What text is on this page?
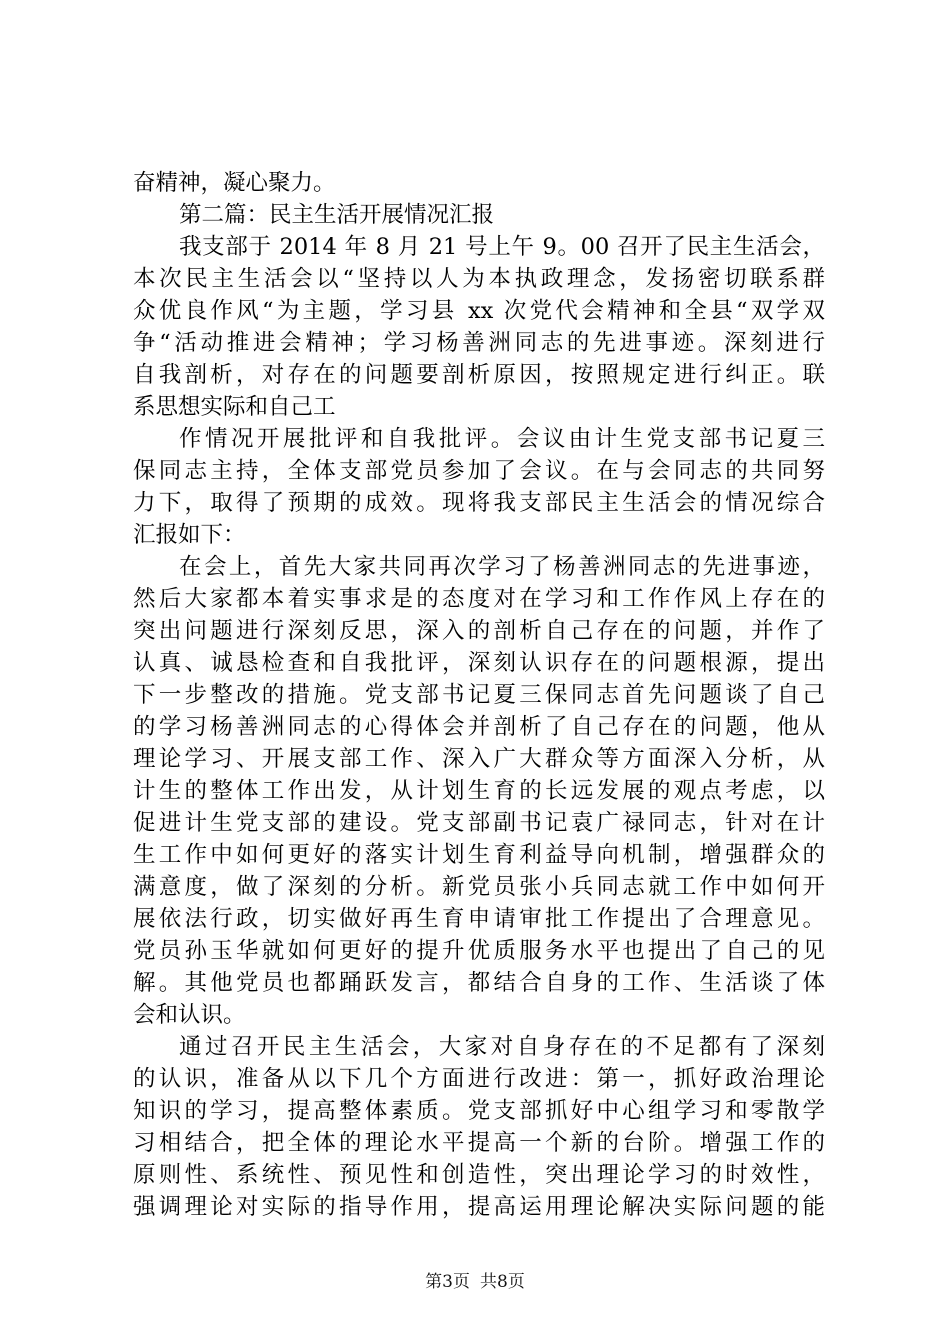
奋精神，凝心聚力。
第二篇：民主生活开展情况汇报
我支部于 2014 年 8 月 21 号上午 9。00 召开了民主生活会，
本次民主生活会以“坚持以人为本执政理念，发扬密切联系群
众优良作风“为主题，学习县 xx 次党代会精神和全县“双学双
争“活动推进会精神；学习杨善洲同志的先进事迹。深刻进行
自我剖析，对存在的问题要剖析原因，按照规定进行纠正。联
系思想实际和自己工
作情况开展批评和自我批评。会议由计生党支部书记夏三
保同志主持，全体支部党员参加了会议。在与会同志的共同努
力下，取得了预期的成效。现将我支部民主生活会的情况综合
汇报如下：
在会上，首先大家共同再次学习了杨善洲同志的先进事迹，
然后大家都本着实事求是的态度对在学习和工作作风上存在的
突出问题进行深刻反思，深入的剖析自己存在的问题，并作了
认真、诚恳检查和自我批评，深刻认识存在的问题根源，提出
下一步整改的措施。党支部书记夏三保同志首先问题谈了自己
的学习杨善洲同志的心得体会并剖析了自己存在的问题，他从
理论学习、开展支部工作、深入广大群众等方面深入分析，从
计生的整体工作出发，从计划生育的长远发展的观点考虑，以
促进计生党支部的建设。党支部副书记袁广禄同志，针对在计
生工作中如何更好的落实计划生育利益导向机制，增强群众的
满意度，做了深刻的分析。新党员张小兵同志就工作中如何开
展依法行政，切实做好再生育申请审批工作提出了合理意见。
党员孙玉华就如何更好的提升优质服务水平也提出了自己的见
解。其他党员也都踊跃发言，都结合自身的工作、生活谈了体
会和认识。
通过召开民主生活会，大家对自身存在的不足都有了深刻
的认识，准备从以下几个方面进行改进：第一，抓好政治理论
知识的学习，提高整体素质。党支部抓好中心组学习和零散学
习相结合，把全体的理论水平提高一个新的台阶。增强工作的
原则性、系统性、预见性和创造性，突出理论学习的时效性，
强调理论对实际的指导作用，提高运用理论解决实际问题的能
第3页 共8页
